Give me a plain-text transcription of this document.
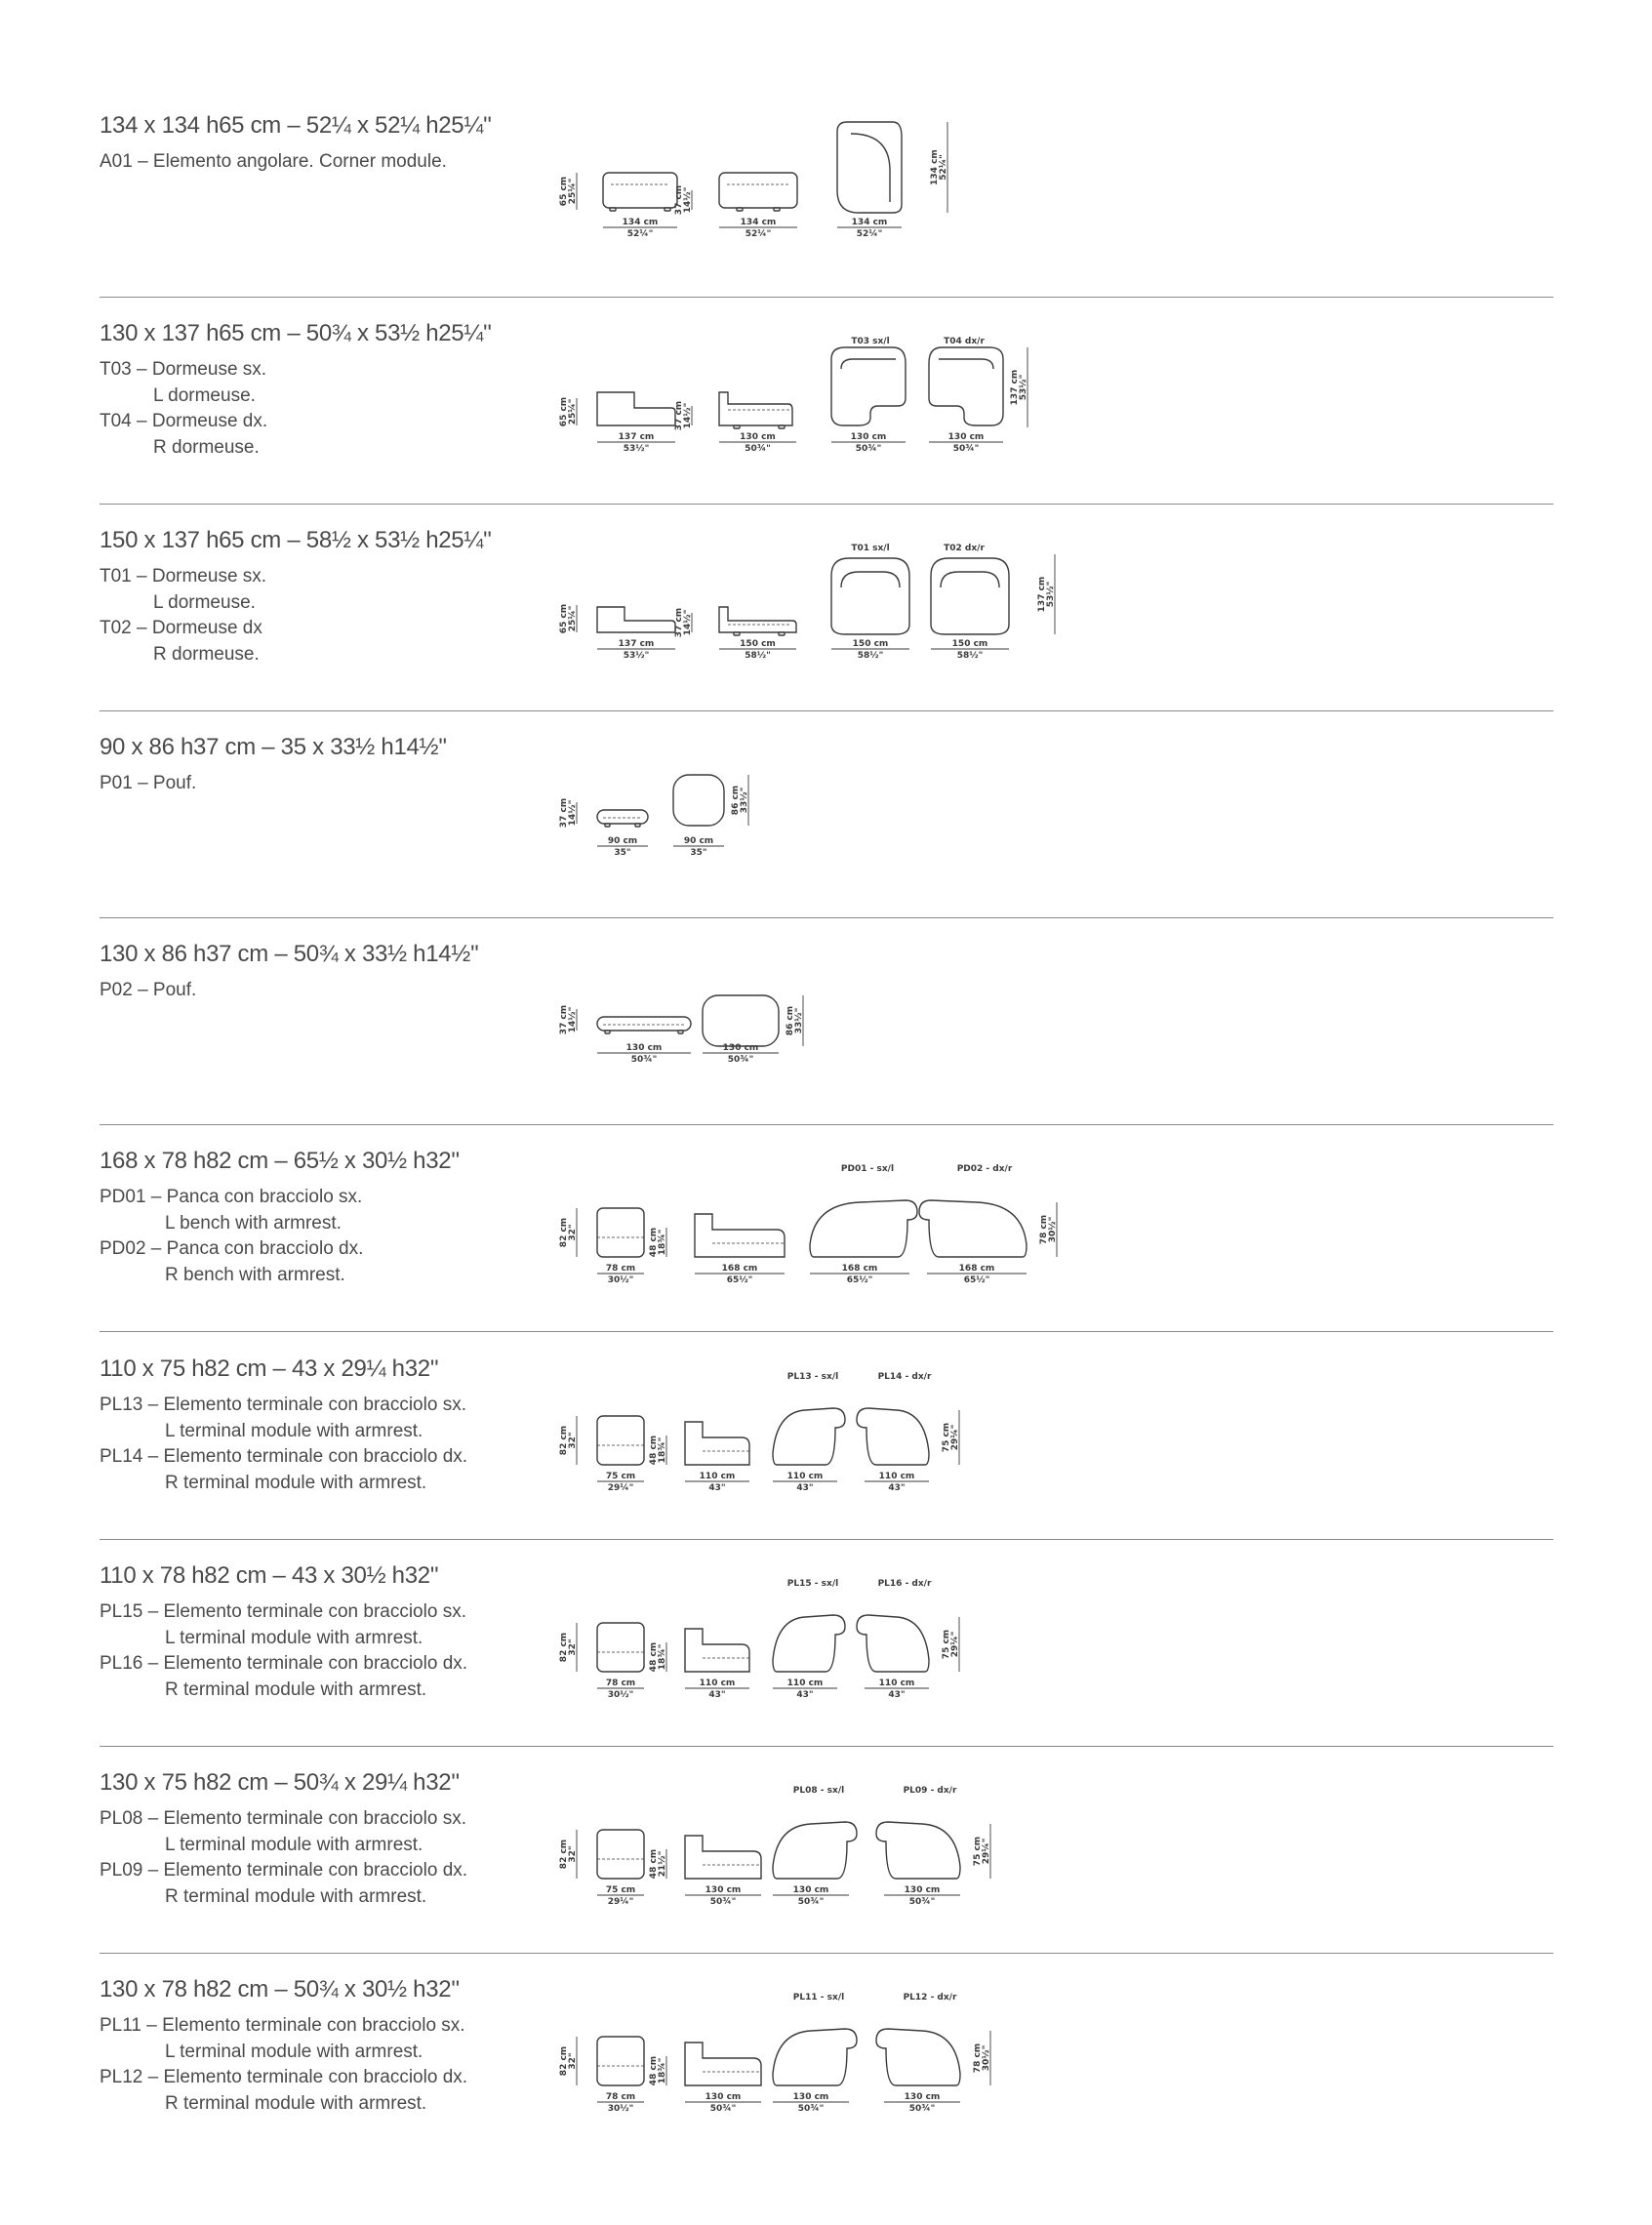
134 x 134 h65 cm – 52¼ x 52¼ h25¼''
A01 – Elemento angolare. Corner module.
65 cm 25¼"
134 cm
52¼"
37 cm 14½"
134 cm
52¼"
134 cm
52¼"
134 cm 52¼"
130 x 137 h65 cm – 50¾ x 53½ h25¼''
T03 – Dormeuse sx.
L dormeuse.
T04 – Dormeuse dx.
R dormeuse.
65 cm 25¼"
137 cm
53½"
37 cm 14½"
130 cm
50¾"
T03 sx/l	T04 dx/r
130 cm
50¾"
130 cm
50¾"
137 cm 53½"
150 x 137 h65 cm – 58½ x 53½ h25¼''
T01 – Dormeuse sx.
L dormeuse.
T02 – Dormeuse dx
R dormeuse.
65 cm 25¼"
137 cm
53½"
37 cm 14½"
150 cm
58½"
T01 sx/l	T02 dx/r
150 cm
58½"
150 cm
58½"
137 cm 53½"
90 x 86 h37 cm – 35 x 33½ h14½''
P01 – Pouf.
37 cm 14½"
90 cm
35"
90 cm
35"
86 cm 33½"
130 x 86 h37 cm – 50¾ x 33½ h14½''
P02 – Pouf.
37 cm 14½"
130 cm
50¾"
130 cm
50¾"
86 cm 33½"
168 x 78 h82 cm – 65½ x 30½ h32''
PD01 – Panca con bracciolo sx.
L bench with armrest.
PD02 – Panca con bracciolo dx.
R bench with armrest.
82 cm 32"
78 cm
30½"
48 cm 18¾"
168 cm
65½"
PD01 - sx/l	PD02 - dx/r
168 cm
65½"
168 cm
65½"
78 cm 30½"
110 x 75 h82 cm – 43 x 29¼ h32''
PL13 – Elemento terminale con bracciolo sx.
L terminal module with armrest.
PL14 – Elemento terminale con bracciolo dx.
R terminal module with armrest.
82 cm 32"
75 cm
29¼"
48 cm 18¾"
110 cm
43"
PL13 - sx/l	PL14 - dx/r
110 cm
43"
110 cm
43"
75 cm 29¼"
110 x 78 h82 cm – 43 x 30½ h32''
PL15 – Elemento terminale con bracciolo sx.
L terminal module with armrest.
PL16 – Elemento terminale con bracciolo dx.
R terminal module with armrest.
82 cm 32"
78 cm
30½"
48 cm 18¾"
110 cm
43"
PL15 - sx/l	PL16 - dx/r
110 cm
43"
110 cm
43"
75 cm 29¼"
130 x 75 h82 cm – 50¾ x 29¼ h32''
PL08 – Elemento terminale con bracciolo sx.
L terminal module with armrest.
PL09 – Elemento terminale con bracciolo dx.
R terminal module with armrest.
82 cm 32"
75 cm
29¼"
48 cm 21½"
130 cm
50¾"
PL08 - sx/l	PL09 - dx/r
130 cm
50¾"
130 cm
50¾"
75 cm 29¼"
130 x 78 h82 cm – 50¾ x 30½ h32''
PL11 – Elemento terminale con bracciolo sx.
L terminal module with armrest.
PL12 – Elemento terminale con bracciolo dx.
R terminal module with armrest.
82 cm 32"
78 cm
30½"
48 cm 18¾"
130 cm
50¾"
PL11 - sx/l	PL12 - dx/r
130 cm
50¾"
130 cm
50¾"
78 cm 30½"
